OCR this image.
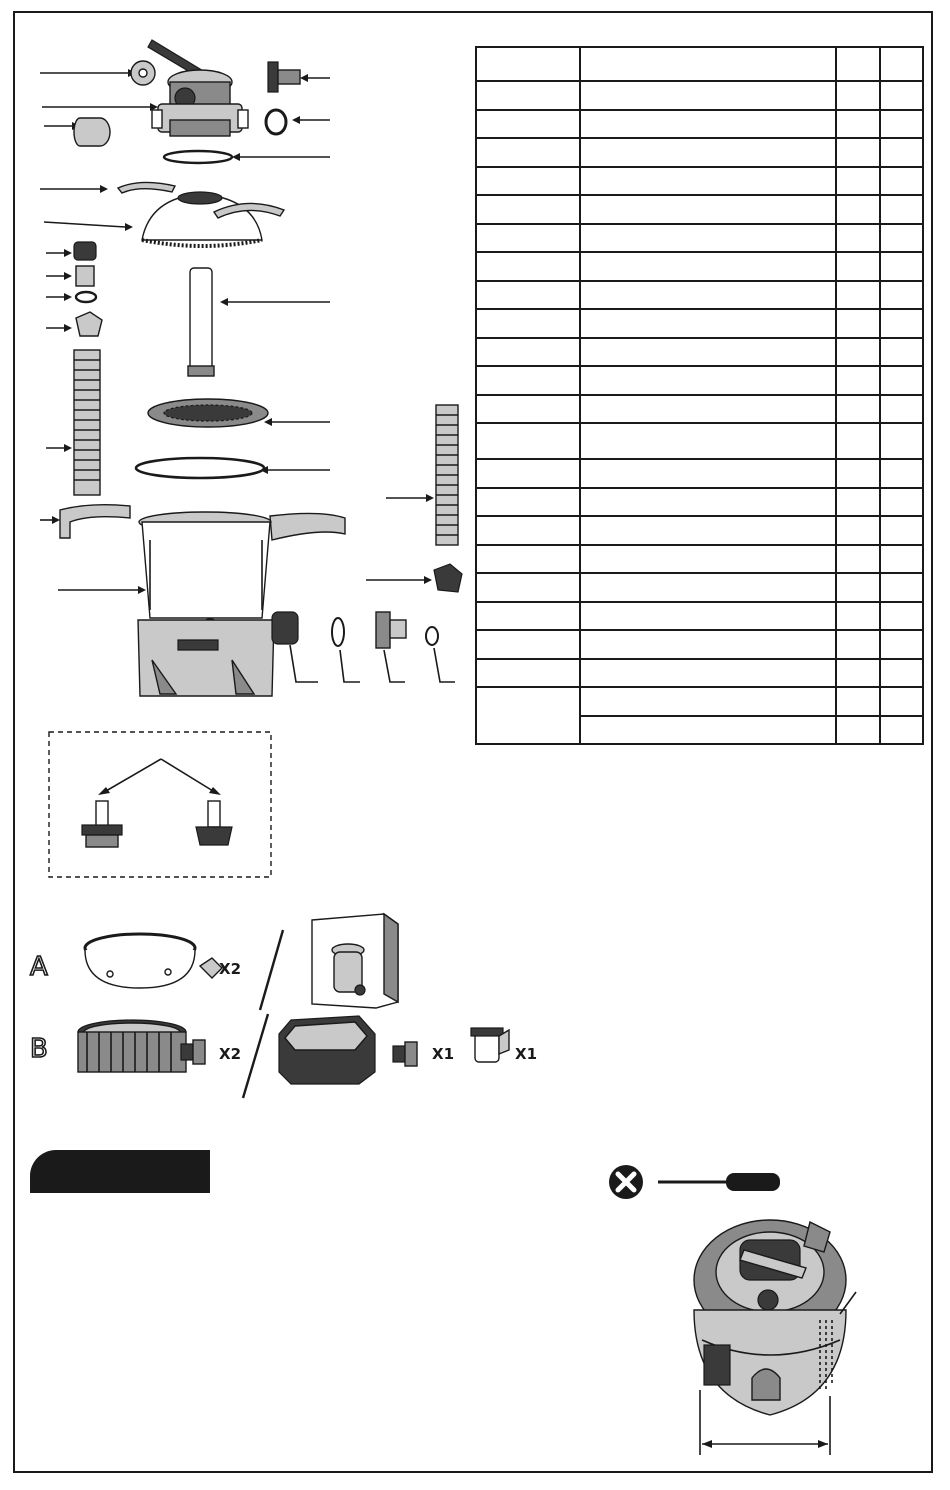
A
B
X2
X2	X1	X1
